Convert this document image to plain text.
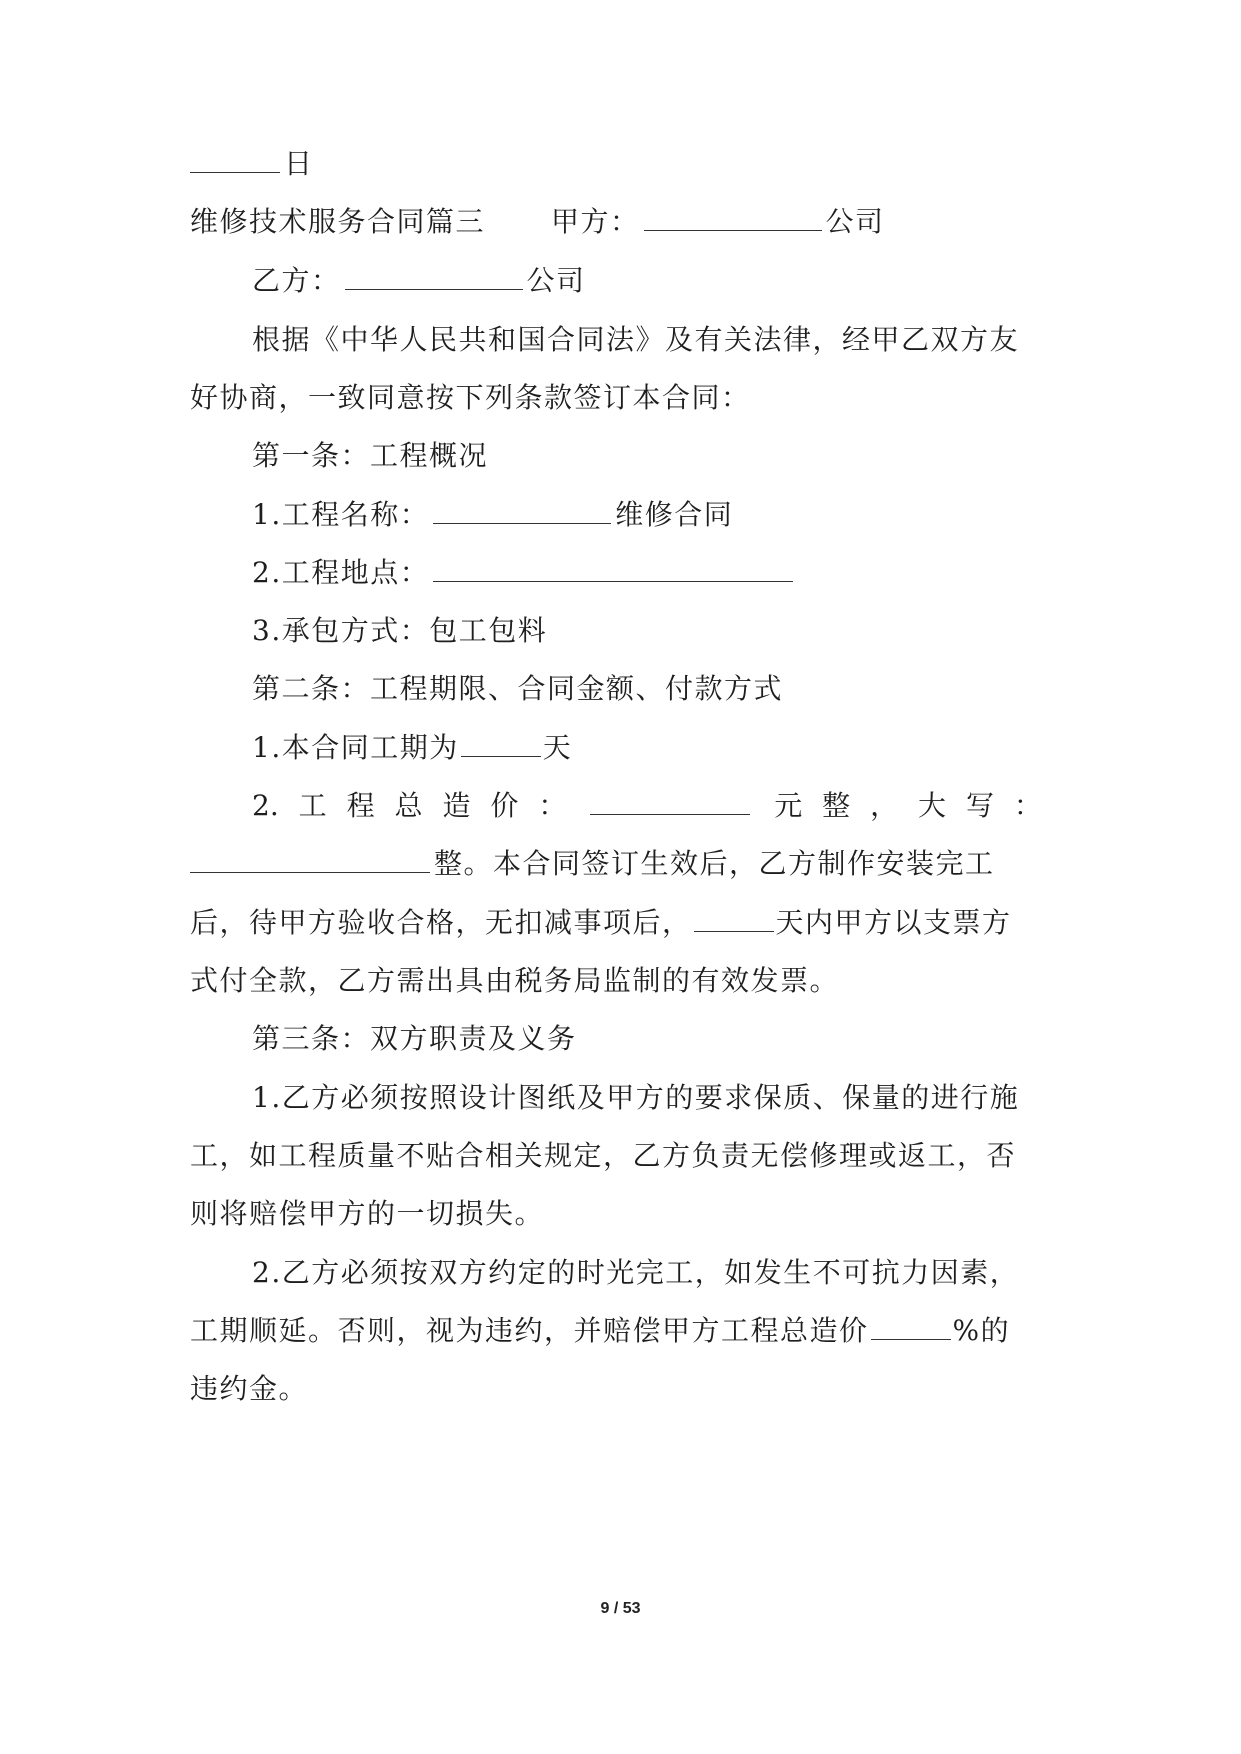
日
维修技术服务合同篇三 甲方：	公司
乙方：	公司
根据《中华人民共和国合同法》及有关法律，经甲乙双方友
好协商，一致同意按下列条款签订本合同：
第一条：工程概况
1.工程名称：	维修合同
2.工程地点：
3.承包方式：包工包料
第二条：工程期限、合同金额、付款方式
1.本合同工期为	天
2. 工 程 总 造 价 ：	元 整 ， 大 写 ：
整。本合同签订生效后，乙方制作安装完工
后，待甲方验收合格，无扣减事项后，	天内甲方以支票方
式付全款，乙方需出具由税务局监制的有效发票。
第三条：双方职责及义务
1.乙方必须按照设计图纸及甲方的要求保质、保量的进行施
工，如工程质量不贴合相关规定，乙方负责无偿修理或返工，否
则将赔偿甲方的一切损失。
2.乙方必须按双方约定的时光完工，如发生不可抗力因素，
工期顺延。否则，视为违约，并赔偿甲方工程总造价	%的
违约金。
9 / 53
